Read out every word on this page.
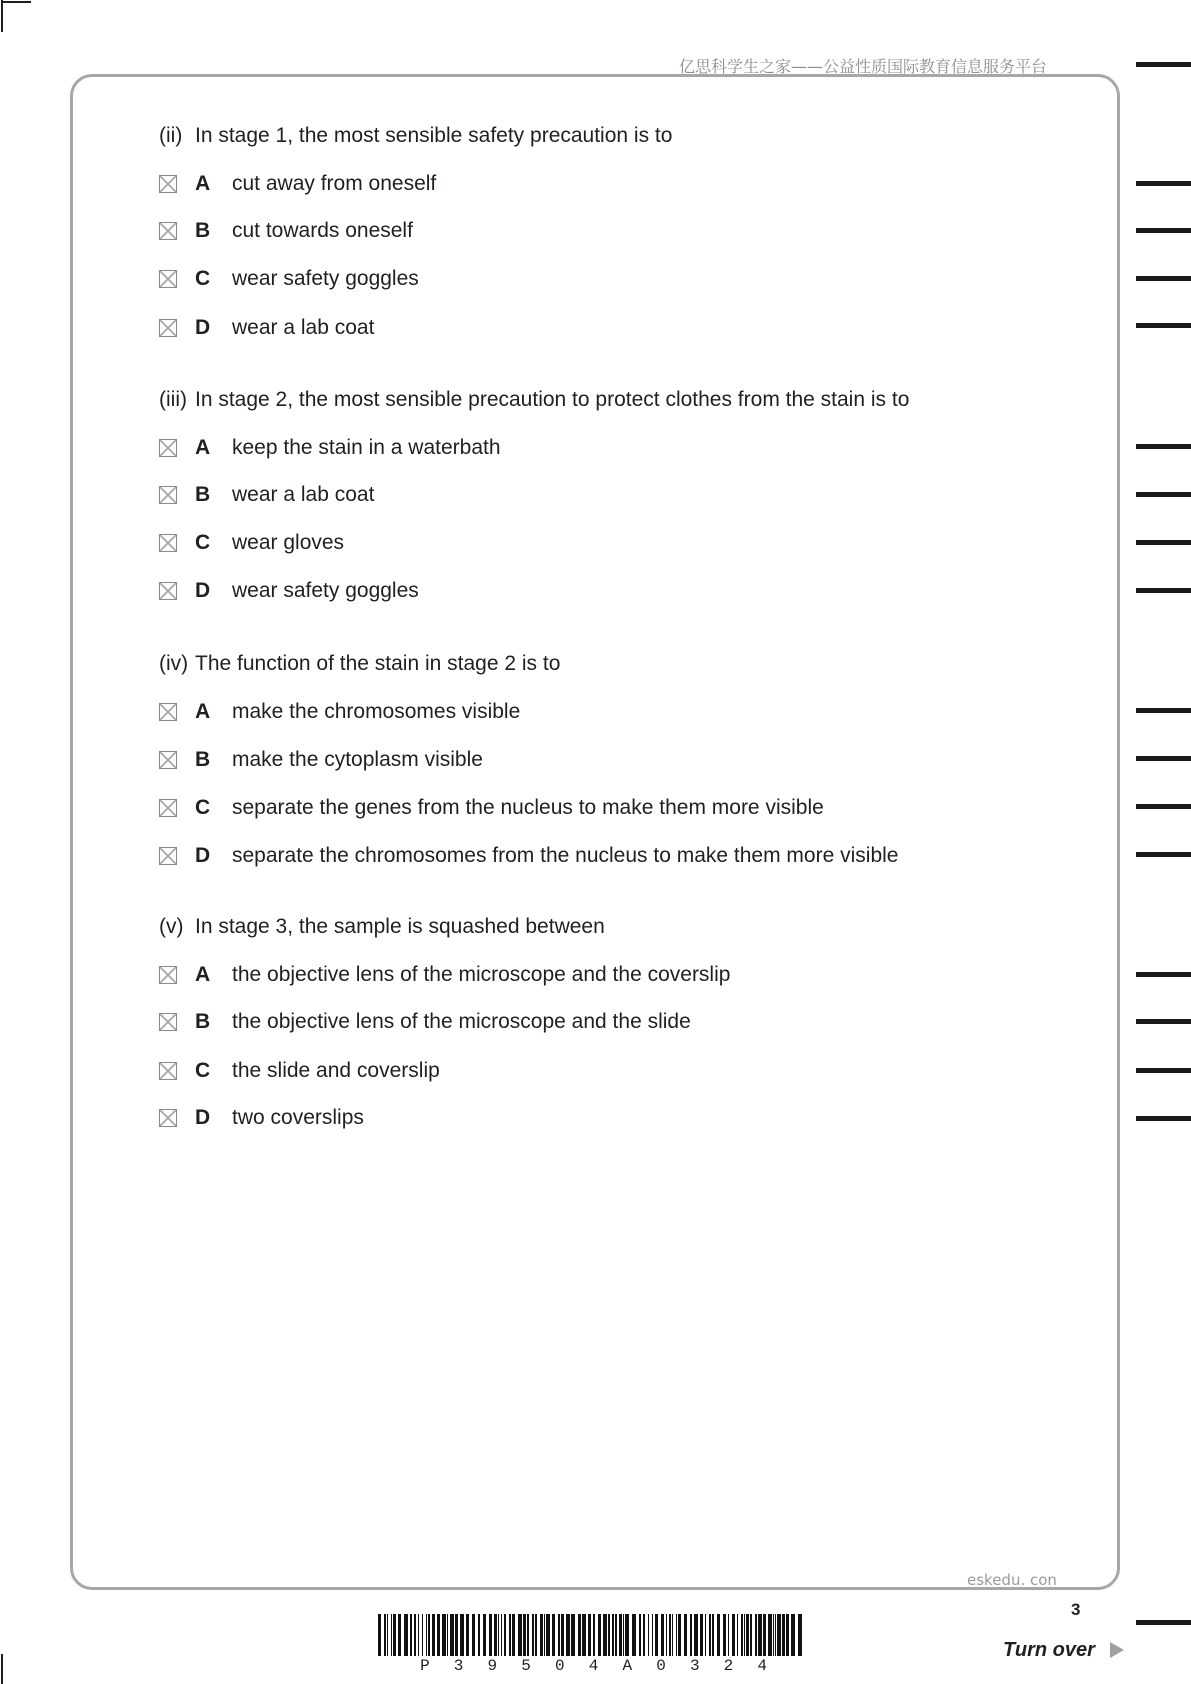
亿思科学生之家——公益性质国际教育信息服务平台
(ii) In stage 1, the most sensible safety precaution is to
A cut away from oneself
B cut towards oneself
C wear safety goggles
D wear a lab coat
(iii) In stage 2, the most sensible precaution to protect clothes from the stain is to
A keep the stain in a waterbath
B wear a lab coat
C wear gloves
D wear safety goggles
(iv) The function of the stain in stage 2 is to
A make the chromosomes visible
B make the cytoplasm visible
C separate the genes from the nucleus to make them more visible
D separate the chromosomes from the nucleus to make them more visible
(v) In stage 3, the sample is squashed between
A the objective lens of the microscope and the coverslip
B the objective lens of the microscope and the slide
C the slide and coverslip
D two coverslips
eskedu. con
3
P	3	9	5	0	4	A	0	3	2	4
Turn over
